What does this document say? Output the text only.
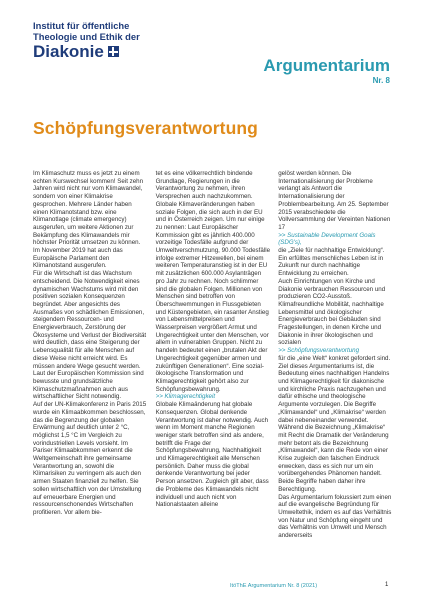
Institut für öffentliche
Theologie und Ethik der
Diakonie
Argumentarium
Nr. 8
Schöpfungsverantwortung

Im Klimaschutz muss es jetzt zu einem echten Kurswechsel kommen! Seit zehn Jahren wird nicht nur vom Klimawandel, sondern von einer Klimakrise gesprochen. Mehrere Länder haben einen Klimanotstand bzw. eine Klimanotlage (climate emergency) ausgerufen, um weitere Aktionen zur Bekämpfung des Klimawandels mir höchster Priorität umsetzen zu können. Im November 2019 hat auch das Europäische Parlament den Klimanotstand ausgerufen.

Für die Wirtschaft ist das Wachstum entscheidend. Die Notwendigkeit eines dynamischen Wachstums wird mit den positiven sozialen Konsequenzen begründet. Aber angesichts des Ausmaßes von schädlichen Emissionen, steigendem Ressourcen- und Energieverbrauch, Zerstörung der Ökosysteme und Verlust der Biodiversität wird deutlich, dass eine Steigerung der Lebensqualität für alle Menschen auf diese Weise nicht erreicht wird. Es müssen andere Wege gesucht werden. Laut der Europäischen Kommission sind bewusste und grundsätzliche Klimaschutzmaßnahmen auch aus wirtschaftlicher Sicht notwendig.

Auf der UN-Klimakonferenz in Paris 2015 wurde ein Klimaabkommen beschlossen, das die Begrenzung der globalen Erwärmung auf deutlich unter 2 °C, möglichst 1,5 °C im Vergleich zu vorindustriellen Levels vorsieht. Im Pariser Klimaabkommen erkennt die Weltgemeinschaft ihre gemeinsame Verantwortung an, sowohl die Klimarisiken zu verringern als auch den armen Staaten finanziell zu helfen. Sie sollen wirtschaftlich von der Umstellung auf erneuerbare Energien und ressourcenschonendes Wirtschaften profitieren. Vor allem bie-

tet es eine völkerrechtlich bindende Grundlage, Regierungen in die Verantwortung zu nehmen, ihren Versprechen auch nachzukommen.

Globale Klimaveränderungen haben soziale Folgen, die sich auch in der EU und in Österreich zeigen. Um nur einige zu nennen: Laut Europäischer Kommission gibt es jährlich 400.000 vorzeitige Todesfälle aufgrund der Umweltverschmutzung, 90.000 Todesfälle infolge extremer Hitzewellen, bei einem weiteren Temperaturanstieg ist in der EU mit zusätzlichen 600.000 Asylanträgen pro Jahr zu rechnen. Noch schlimmer sind die globalen Folgen. Millionen von Menschen sind betroffen von Überschwemmungen in Flussgebieten und Küstengebieten, ein rasanter Anstieg von Lebensmittelpreisen und Wasserpreisen vergrößert Armut und Ungerechtigkeit unter den Menschen, vor allem in vulnerablen Gruppen. Nicht zu handeln bedeutet einen „brutalen Akt der Ungerechtigkeit gegenüber armen und zukünftigen Generationen“. Eine sozial-ökologische Transformation und Klimagerechtigkeit gehört also zur Schöpfungsbewahrung.

>> Klimagerechtigkeit

Globale Klimaänderung hat globale Konsequenzen. Global denkende Verantwortung ist daher notwendig. Auch wenn im Moment manche Regionen weniger stark betroffen sind als andere, betrifft die Frage der Schöpfungsbewahrung, Nachhaltigkeit und Klimagerechtigkeit alle Menschen persönlich. Daher muss die global denkende Verantwortung bei jeder Person ansetzen. Zugleich gilt aber, dass die Probleme des Klimawandels nicht individuell und auch nicht von Nationalstaaten alleine

gelöst werden können. Die Internationalisierung der Probleme verlangt als Antwort die Internationalisierung der Problembearbeitung. Am 25. September 2015 verabschiedete die Vollversammlung der Vereinten Nationen 17

>> Sustainable Development Goals (SDG's),

die „Ziele für nachhaltige Entwicklung“. Ein erfülltes menschliches Leben ist in Zukunft nur durch nachhaltige Entwicklung zu erreichen.

Auch Einrichtungen von Kirche und Diakonie verbrauchen Ressourcen und produzieren CO2-Ausstoß. Klimafreundliche Mobilität, nachhaltige Lebensmittel und ökologischer Energieverbrauch bei Gebäuden sind Fragestellungen, in denen Kirche und Diakonie in ihrer ökologischen und sozialen

>> Schöpfungsverantwortung

für die „eine Welt“ konkret gefordert sind.

Ziel dieses Argumentariums ist, die Bedeutung eines nachhaltigen Handelns und Klimagerechtigkeit für diakonische und kirchliche Praxis nachzugehen und dafür ethische und theologische Argumente vorzulegen. Die Begriffe „Klimawandel“ und „Klimakrise“ werden dabei nebeneinander verwendet. Während die Bezeichnung „Klimakrise“ mit Recht die Dramatik der Veränderung mehr betont als die Bezeichnung „Klimawandel“, kann die Rede von einer Krise zugleich den falschen Eindruck erwecken, dass es sich nur um ein vorübergehendes Phänomen handelt. Beide Begriffe haben daher ihre Berechtigung.

Das Argumentarium fokussiert zum einen auf die evangelische Begründung für Umweltethik, indem es auf das Verhältnis von Natur und Schöpfung eingeht und das Verhältnis von Umwelt und Mensch andererseits

ItöThE Argumentarium Nr. 8 (2021)	1
